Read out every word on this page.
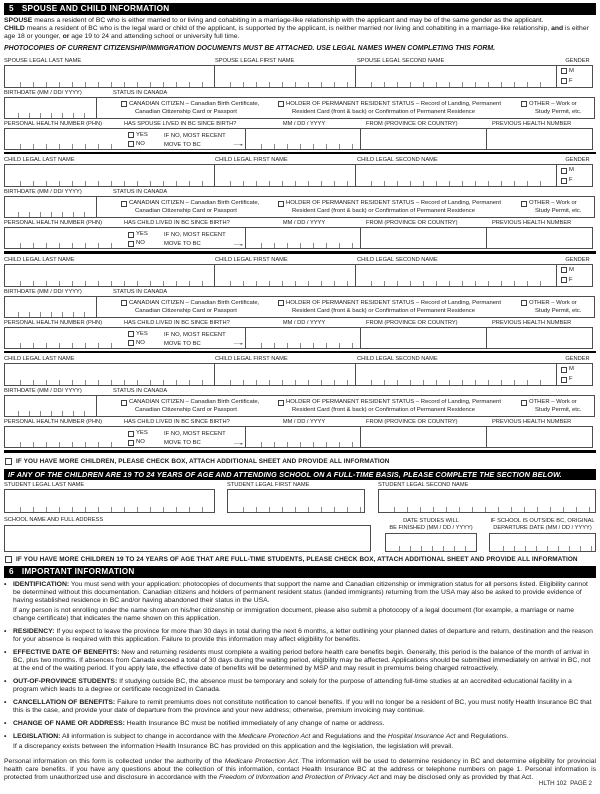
5 SPOUSE AND CHILD INFORMATION
SPOUSE means a resident of BC who is either married to or living and cohabiting in a marriage-like relationship with the applicant and may be of the same gender as the applicant.
CHILD means a resident of BC who is the legal ward or child of the applicant, is supported by the applicant, is neither married nor living and cohabiting in a marriage-like relationship, and is either age 18 or younger, or age 19 to 24 and attending school or university full time.
PHOTOCOPIES OF CURRENT CITIZENSHIP/IMMIGRATION DOCUMENTS MUST BE ATTACHED. USE LEGAL NAMES WHEN COMPLETING THIS FORM.
SPOUSE LEGAL LAST NAME	SPOUSE LEGAL FIRST NAME	SPOUSE LEGAL SECOND NAME	GENDER
M
F
BIRTHDATE (MM / DD/ YYYY)	STATUS IN CANADA
CANADIAN CITIZEN – Canadian Birth Certificate,
Canadian Citizenship Card or Passport
HOLDER OF PERMANENT RESIDENT STATUS – Record of Landing, Permanent
Resident Card (front & back) or Confirmation of Permanent Residence
OTHER – Work or
Study Permit, etc.
PERSONAL HEALTH NUMBER (PHN)	HAS SPOUSE LIVED IN BC SINCE BIRTH?	MM / DD / YYYY	FROM (PROVINCE OR COUNTRY)	PREVIOUS HEALTH NUMBER
YES
NO
IF NO, MOST RECENT
MOVE TO BC	→
CHILD LEGAL LAST NAME	CHILD LEGAL FIRST NAME	CHILD LEGAL SECOND NAME	GENDER
M
F
BIRTHDATE (MM / DD/ YYYY)	STATUS IN CANADA
CANADIAN CITIZEN – Canadian Birth Certificate,
Canadian Citizenship Card or Passport
HOLDER OF PERMANENT RESIDENT STATUS – Record of Landing, Permanent
Resident Card (front & back) or Confirmation of Permanent Residence
OTHER – Work or
Study Permit, etc.
PERSONAL HEALTH NUMBER (PHN)	HAS CHILD LIVED IN BC SINCE BIRTH?	MM / DD / YYYY	FROM (PROVINCE OR COUNTRY)	PREVIOUS HEALTH NUMBER
YES
NO
IF NO, MOST RECENT
MOVE TO BC	→
CHILD LEGAL LAST NAME	CHILD LEGAL FIRST NAME	CHILD LEGAL SECOND NAME	GENDER
M
F
BIRTHDATE (MM / DD/ YYYY)	STATUS IN CANADA
CANADIAN CITIZEN – Canadian Birth Certificate,
Canadian Citizenship Card or Passport
HOLDER OF PERMANENT RESIDENT STATUS – Record of Landing, Permanent
Resident Card (front & back) or Confirmation of Permanent Residence
OTHER – Work or
Study Permit, etc.
PERSONAL HEALTH NUMBER (PHN)	HAS CHILD LIVED IN BC SINCE BIRTH?	MM / DD / YYYY	FROM (PROVINCE OR COUNTRY)	PREVIOUS HEALTH NUMBER
YES
NO
IF NO, MOST RECENT
MOVE TO BC	→
CHILD LEGAL LAST NAME	CHILD LEGAL FIRST NAME	CHILD LEGAL SECOND NAME	GENDER
M
F
BIRTHDATE (MM / DD/ YYYY)	STATUS IN CANADA
CANADIAN CITIZEN – Canadian Birth Certificate,
Canadian Citizenship Card or Passport
HOLDER OF PERMANENT RESIDENT STATUS – Record of Landing, Permanent
Resident Card (front & back) or Confirmation of Permanent Residence
OTHER – Work or
Study Permit, etc.
PERSONAL HEALTH NUMBER (PHN)	HAS CHILD LIVED IN BC SINCE BIRTH?	MM / DD / YYYY	FROM (PROVINCE OR COUNTRY)	PREVIOUS HEALTH NUMBER
YES
NO
IF NO, MOST RECENT
MOVE TO BC	→
IF YOU HAVE MORE CHILDREN, PLEASE CHECK BOX, ATTACH ADDITIONAL SHEET AND PROVIDE ALL INFORMATION
IF ANY OF THE CHILDREN ARE 19 TO 24 YEARS OF AGE AND ATTENDING SCHOOL ON A FULL-TIME BASIS, PLEASE COMPLETE THE SECTION BELOW.
STUDENT LEGAL LAST NAME	STUDENT LEGAL FIRST NAME	STUDENT LEGAL SECOND NAME
SCHOOL NAME AND FULL ADDRESS	DATE STUDIES WILL
BE FINISHED (MM / DD / YYYY)
IF SCHOOL IS OUTSIDE BC, ORIGINAL
DEPARTURE DATE (MM / DD / YYYY)
IF YOU HAVE MORE CHILDREN 19 TO 24 YEARS OF AGE THAT ARE FULL-TIME STUDENTS, PLEASE CHECK BOX, ATTACH ADDITIONAL SHEET AND PROVIDE ALL INFORMATION
6 IMPORTANT INFORMATION
• IDENTIFICATION: You must send with your application: photocopies of documents that support the name and Canadian citizenship or immigration status for all persons listed. Eligibility cannot be determined without this documentation. Canadian citizens and holders of permanent resident status (landed immigrants) returning from the USA may also be asked to provide evidence of having established residence in BC and/or having abandoned their status in the USA.
If any person is not enrolling under the name shown on his/her citizenship or immigration document, please also submit a photocopy of a legal document (for example, a marriage or name change certificate) that indicates the name shown on this application.
• RESIDENCY: If you expect to leave the province for more than 30 days in total during the next 6 months, a letter outlining your planned dates of departure and return, destination and the reason for your absence is required with this application. Failure to provide this information may affect eligibility for benefits.
• EFFECTIVE DATE OF BENEFITS: New and returning residents must complete a waiting period before health care benefits begin. Generally, this period is the balance of the month of arrival in BC, plus two months. If absences from Canada exceed a total of 30 days during the waiting period, eligibility may be affected. Applications should be submitted immediately on arrival in BC, not at the end of the waiting period. If you apply late, the effective date of benefits will be determined by MSP and may result in premiums being charged retroactively.
• OUT-OF-PROVINCE STUDENTS: If studying outside BC, the absence must be temporary and solely for the purpose of attending full-time studies at an accredited educational facility in a program which leads to a degree or certificate recognized in Canada.
• CANCELLATION OF BENEFITS: Failure to remit premiums does not constitute notification to cancel benefits. If you will no longer be a resident of BC, you must notify Health Insurance BC that this is the case, and provide your date of departure from the province and your new address; otherwise, premium invoicing may continue.
• CHANGE OF NAME OR ADDRESS: Health Insurance BC must be notified immediately of any change of name or address.
• LEGISLATION: All information is subject to change in accordance with the Medicare Protection Act and Regulations and the Hospital Insurance Act and Regulations.
If a discrepancy exists between the information Health Insurance BC has provided on this application and the legislation, the legislation will prevail.
Personal information on this form is collected under the authority of the Medicare Protection Act. The information will be used to determine residency in BC and determine eligibility for provincial health care benefits. If you have any questions about the collection of this information, contact Health Insurance BC at the address or telephone numbers on page 1. Personal information is protected from unauthorized use and disclosure in accordance with the Freedom of Information and Protection of Privacy Act and may be disclosed only as provided by that Act.
HLTH 102  PAGE 2
